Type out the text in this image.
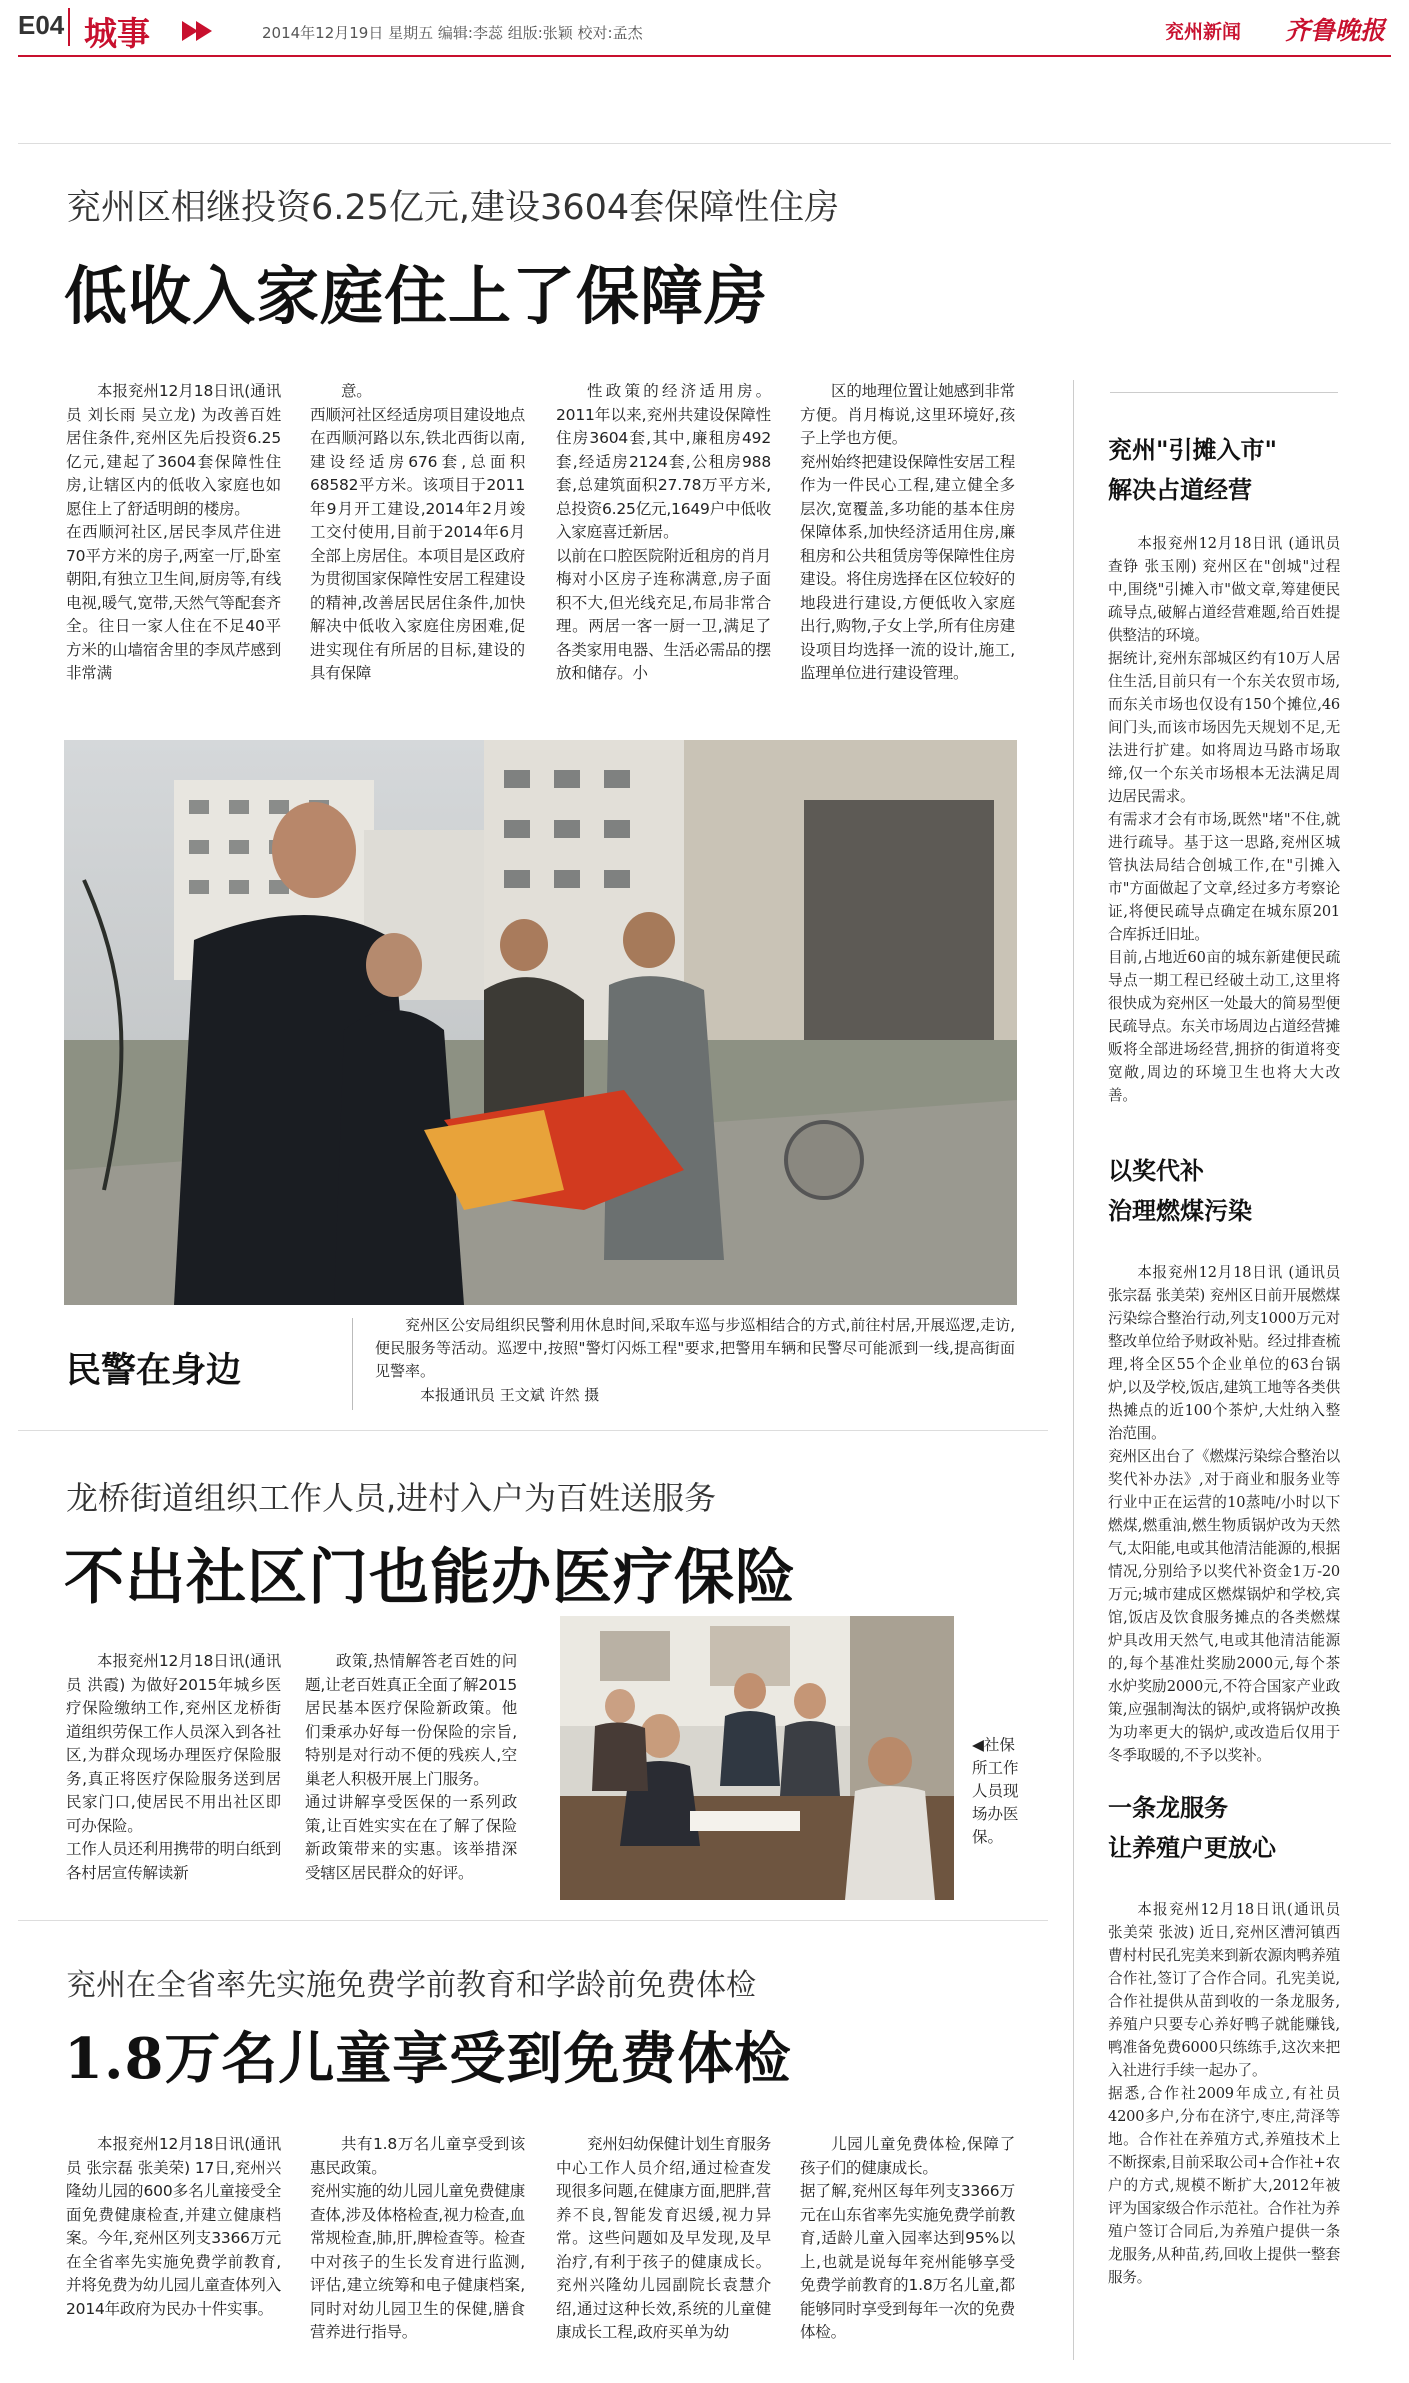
E04 城事	2014年12月19日 星期五 编辑:李蕊 组版:张颖 校对:孟杰	兖州新闻 齐鲁晚报
兖州区相继投资6.25亿元,建设3604套保障性住房
低收入家庭住上了保障房
本报兖州12月18日讯(通讯员 刘长雨 吴立龙) 为改善百姓居住条件,兖州区先后投资6.25亿元,建起了3604套保障性住房,让辖区内的低收入家庭也如愿住上了舒适明朗的楼房。
在西顺河社区,居民李凤芹住进70平方米的房子,两室一厅,卧室朝阳,有独立卫生间,厨房等,有线电视,暖气,宽带,天然气等配套齐全。往日一家人住在不足40平方米的山墙宿舍里的李凤芹感到非常满
意。
西顺河社区经适房项目建设地点在西顺河路以东,铁北西街以南,建设经适房676套,总面积68582平方米。该项目于2011年9月开工建设,2014年2月竣工交付使用,目前于2014年6月全部上房居住。本项目是区政府为贯彻国家保障性安居工程建设的精神,改善居民居住条件,加快解决中低收入家庭住房困难,促进实现住有所居的目标,建设的具有保障
性政策的经济适用房。2011年以来,兖州共建设保障性住房3604套,其中,廉租房492套,经适房2124套,公租房988套,总建筑面积27.78万平方米,总投资6.25亿元,1649户中低收入家庭喜迁新居。
以前在口腔医院附近租房的肖月梅对小区房子连称满意,房子面积不大,但光线充足,布局非常合理。两居一客一厨一卫,满足了各类家用电器、生活必需品的摆放和储存。小
区的地理位置让她感到非常方便。肖月梅说,这里环境好,孩子上学也方便。
兖州始终把建设保障性安居工程作为一件民心工程,建立健全多层次,宽覆盖,多功能的基本住房保障体系,加快经济适用住房,廉租房和公共租赁房等保障性住房建设。将住房选择在区位较好的地段进行建设,方便低收入家庭出行,购物,子女上学,所有住房建设项目均选择一流的设计,施工,监理单位进行建设管理。
民警在身边
兖州区公安局组织民警利用休息时间,采取车巡与步巡相结合的方式,前往村居,开展巡逻,走访,便民服务等活动。巡逻中,按照"警灯闪烁工程"要求,把警用车辆和民警尽可能派到一线,提高街面见警率。
本报通讯员 王文斌 许然 摄
龙桥街道组织工作人员,进村入户为百姓送服务
不出社区门也能办医疗保险
本报兖州12月18日讯(通讯员 洪霞) 为做好2015年城乡医疗保险缴纳工作,兖州区龙桥街道组织劳保工作人员深入到各社区,为群众现场办理医疗保险服务,真正将医疗保险服务送到居民家门口,使居民不用出社区即可办保险。
工作人员还利用携带的明白纸到各村居宣传解读新
政策,热情解答老百姓的问题,让老百姓真正全面了解2015居民基本医疗保险新政策。他们秉承办好每一份保险的宗旨,特别是对行动不便的残疾人,空巢老人积极开展上门服务。
通过讲解享受医保的一系列政策,让百姓实实在在了解了保险新政策带来的实惠。该举措深受辖区居民群众的好评。
◀社保所工作人员现场办医保。
兖州在全省率先实施免费学前教育和学龄前免费体检
1.8万名儿童享受到免费体检
本报兖州12月18日讯(通讯员 张宗磊 张美荣) 17日,兖州兴隆幼儿园的600多名儿童接受全面免费健康检查,并建立健康档案。今年,兖州区列支3366万元在全省率先实施免费学前教育,并将免费为幼儿园儿童查体列入2014年政府为民办十件实事。
共有1.8万名儿童享受到该惠民政策。
兖州实施的幼儿园儿童免费健康查体,涉及体格检查,视力检查,血常规检查,肺,肝,脾检查等。检查中对孩子的生长发育进行监测,评估,建立统筹和电子健康档案,同时对幼儿园卫生的保健,膳食营养进行指导。
兖州妇幼保健计划生育服务中心工作人员介绍,通过检查发现很多问题,在健康方面,肥胖,营养不良,智能发育迟缓,视力异常。这些问题如及早发现,及早治疗,有利于孩子的健康成长。兖州兴隆幼儿园副院长袁慧介绍,通过这种长效,系统的儿童健康成长工程,政府买单为幼
儿园儿童免费体检,保障了孩子们的健康成长。
据了解,兖州区每年列支3366万元在山东省率先实施免费学前教育,适龄儿童入园率达到95%以上,也就是说每年兖州能够享受免费学前教育的1.8万名儿童,都能够同时享受到每年一次的免费体检。
兖州"引摊入市"
解决占道经营
本报兖州12月18日讯 (通讯员 查铮 张玉刚) 兖州区在"创城"过程中,围绕"引摊入市"做文章,筹建便民疏导点,破解占道经营难题,给百姓提供整洁的环境。
据统计,兖州东部城区约有10万人居住生活,目前只有一个东关农贸市场,而东关市场也仅设有150个摊位,46间门头,而该市场因先天规划不足,无法进行扩建。如将周边马路市场取缔,仅一个东关市场根本无法满足周边居民需求。
有需求才会有市场,既然"堵"不住,就进行疏导。基于这一思路,兖州区城管执法局结合创城工作,在"引摊入市"方面做起了文章,经过多方考察论证,将便民疏导点确定在城东原201合库拆迁旧址。
目前,占地近60亩的城东新建便民疏导点一期工程已经破土动工,这里将很快成为兖州区一处最大的简易型便民疏导点。东关市场周边占道经营摊贩将全部进场经营,拥挤的街道将变宽敞,周边的环境卫生也将大大改善。
以奖代补
治理燃煤污染
本报兖州12月18日讯 (通讯员 张宗磊 张美荣) 兖州区日前开展燃煤污染综合整治行动,列支1000万元对整改单位给予财政补贴。经过排查梳理,将全区55个企业单位的63台锅炉,以及学校,饭店,建筑工地等各类供热摊点的近100个茶炉,大灶纳入整治范围。
兖州区出台了《燃煤污染综合整治以奖代补办法》,对于商业和服务业等行业中正在运营的10蒸吨/小时以下燃煤,燃重油,燃生物质锅炉改为天然气,太阳能,电或其他清洁能源的,根据情况,分别给予以奖代补资金1万-20万元;城市建成区燃煤锅炉和学校,宾馆,饭店及饮食服务摊点的各类燃煤炉具改用天然气,电或其他清洁能源的,每个基准灶奖励2000元,每个茶水炉奖励2000元,不符合国家产业政策,应强制淘汰的锅炉,或将锅炉改换为功率更大的锅炉,或改造后仅用于冬季取暖的,不予以奖补。
一条龙服务
让养殖户更放心
本报兖州12月18日讯(通讯员 张美荣 张波) 近日,兖州区漕河镇西曹村村民孔宪美来到新农源肉鸭养殖合作社,签订了合作合同。孔宪美说,合作社提供从苗到收的一条龙服务,养殖户只要专心养好鸭子就能赚钱,鸭准备免费6000只练练手,这次来把入社进行手续一起办了。
据悉,合作社2009年成立,有社员4200多户,分布在济宁,枣庄,菏泽等地。合作社在养殖方式,养殖技术上不断探索,目前采取公司+合作社+农户的方式,规模不断扩大,2012年被评为国家级合作示范社。合作社为养殖户签订合同后,为养殖户提供一条龙服务,从种苗,药,回收上提供一整套服务。
